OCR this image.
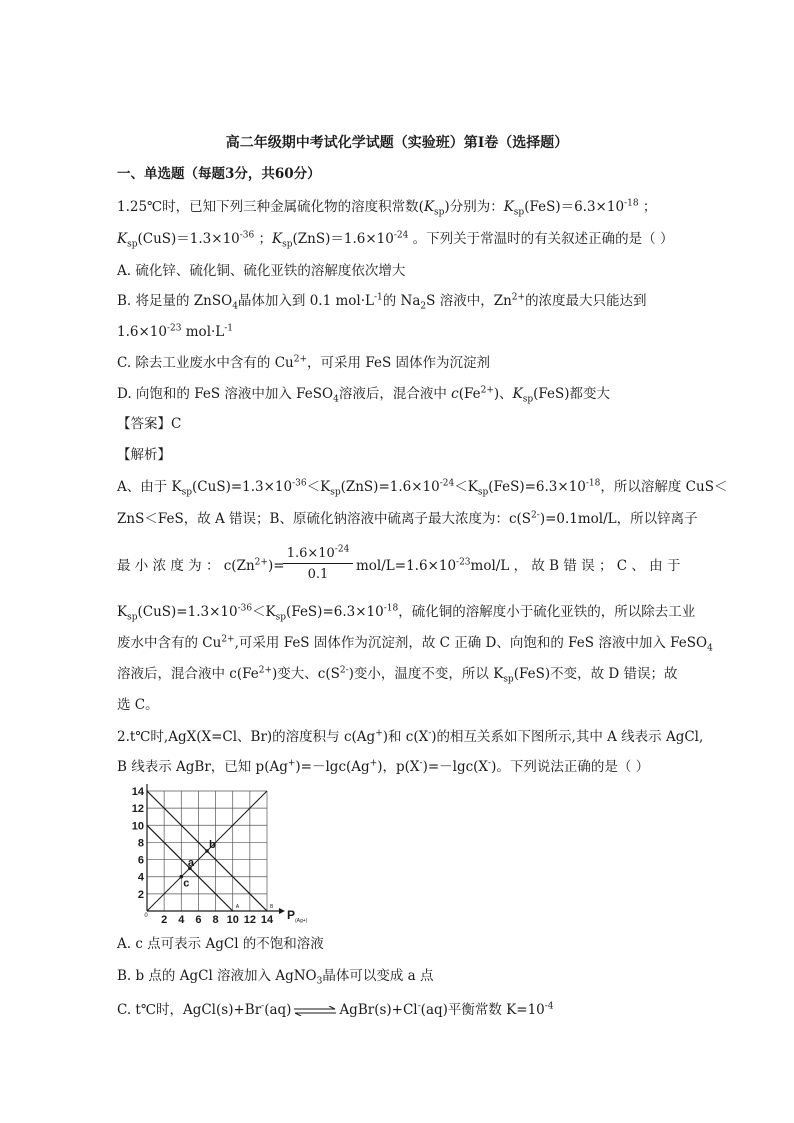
高二年级期中考试化学试题（实验班）第Ⅰ卷（选择题）
一、单选题（每题3分，共60分）
1.25℃时，已知下列三种金属硫化物的溶度积常数$(K_{sp})$分别为：$K_{sp}(FeS)=6.3\times 10^{-18}$ ；
$K_{sp}(CuS)=1.3\times 10^{-36}$ ；$K_{sp}(ZnS)=1.6\times 10^{-24}$ 。下列关于常温时的有关叙述正确的是（ ）
A. 硫化锌、硫化铜、硫化亚铁的溶解度依次增大
B. 将足量的 ZnSO$_4$晶体加入到 0.1 $mol\cdot L^{-1}$的 $Na_2S$ 溶液中，$Zn^{2+}$的浓度最大只能达到
$1.6\times 10^{-23}$ $mol\cdot L^{-1}$
C. 除去工业废水中含有的 $Cu^{2+}$，可采用 FeS 固体作为沉淀剂
D. 向饱和的 FeS 溶液中加入 FeSO$_4$溶液后，混合液中 $c(Fe^{2+})$、$K_{sp}(FeS)$都变大
【答案】C
【解析】
A、由于 $K_{sp}(CuS)=1.3\times 10^{-36}<K_{sp}(ZnS)=1.6\times 10^{-24}<K_{sp}(FeS)=6.3\times 10^{-18}$，所以溶解度 CuS＜
ZnS＜FeS，故 A 错误；B、原硫化钠溶液中硫离子最大浓度为：$c(S^{2-})=0.1mol/L$，所以锌离子
最 小 浓 度 为 ： $c(Zn^{2+})=$
$\frac{1.6\times 10^{-24}}{0.1} mol/L=1.6\times 10^{-23}mol/L$ ， 故 B 错 误 ； C 、 由 于
$K_{sp}(CuS)=1.3\times 10^{-36}<K_{sp}(FeS)=6.3\times 10^{-18}$，硫化铜的溶解度小于硫化亚铁的，所以除去工业
废水中含有的 $Cu^{2+}$,可采用 FeS 固体作为沉淀剂，故 C 正确 D、向饱和的 FeS 溶液中加入 FeSO$_4$
溶液后，混合液中 $c(Fe^{2+})$变大、$c(S^{2-})$变小，温度不变，所以 $K_{sp}(FeS)$不变，故 D 错误；故
选 C。
2.t℃时,AgX(X=Cl、Br)的溶度积与 c(Ag+)和 c(X-)的相互关系如下图所示,其中 A 线表示 AgCl,
B 线表示 AgBr，已知 p(Ag+)=－lgc(Ag+)，p(X-)=－lgc(X-)。下列说法正确的是（ ）
A	B
2 4 6 8 10 12 14
14
12
10
8
6
4
2
0	P (Ag+)
a
b
c
A. c 点可表示 AgCl 的不饱和溶液
B. b 点的 AgCl 溶液加入 AgNO$_3$晶体可以变成 a 点
C. t℃时，AgCl(s)+Br-(aq) ⇌ AgBr(s)+Cl-(aq)平衡常数 $K=10^{-4}$
